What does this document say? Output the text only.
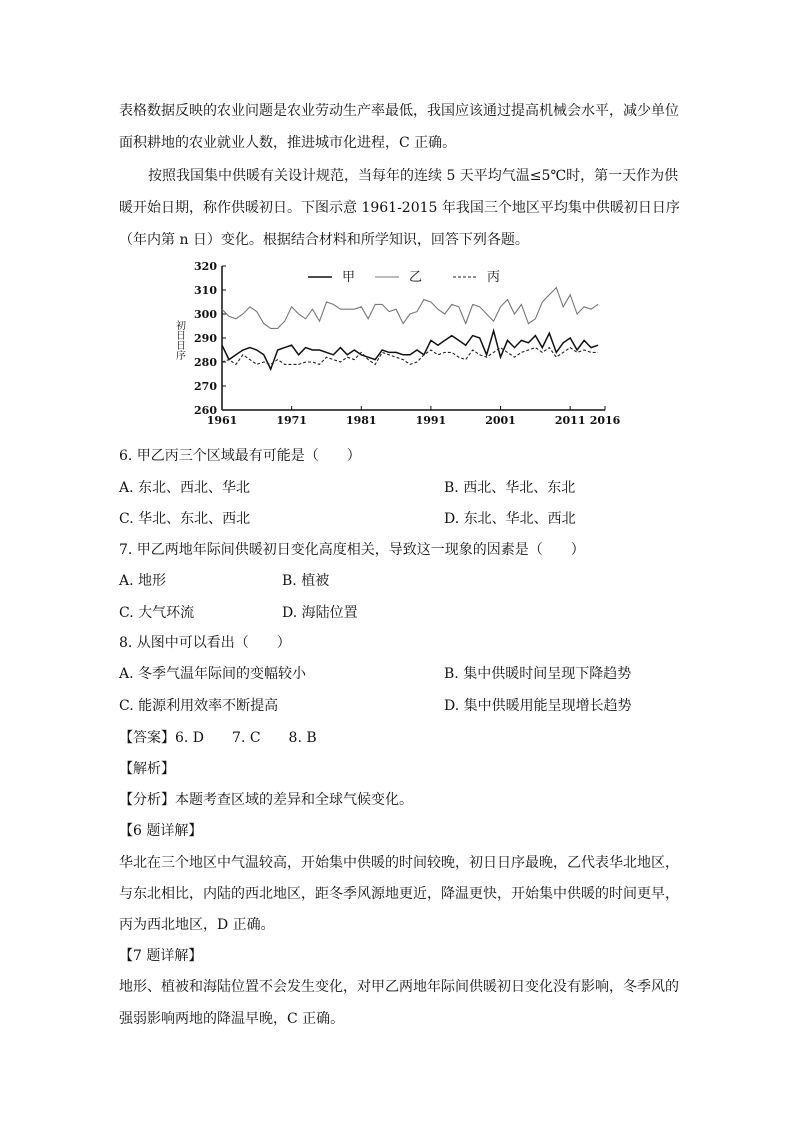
表格数据反映的农业问题是农业劳动生产率最低，我国应该通过提高机械会水平，减少单位
面积耕地的农业就业人数，推进城市化进程，C 正确。
按照我国集中供暖有关设计规范，当每年的连续 5 天平均气温≤5℃时，第一天作为供
暖开始日期，称作供暖初日。下图示意 1961-2015 年我国三个地区平均集中供暖初日日序
（年内第 n 日）变化。根据结合材料和所学知识，回答下列各题。
初日日序
260
270
280
290
300
310
320
1961	1971	1981	1991	2001	2011 2016
甲	乙	丙
6. 甲乙丙三个区域最有可能是（　　）
A. 东北、西北、华北	B. 西北、华北、东北
C. 华北、东北、西北	D. 东北、华北、西北
7. 甲乙两地年际间供暖初日变化高度相关，导致这一现象的因素是（　　）
A. 地形	B. 植被
C. 大气环流	D. 海陆位置
8. 从图中可以看出（　　）
A. 冬季气温年际间的变幅较小	B. 集中供暖时间呈现下降趋势
C. 能源利用效率不断提高	D. 集中供暖用能呈现增长趋势
【答案】6. D　　7. C　　8. B
【解析】
【分析】本题考查区域的差异和全球气候变化。
【6 题详解】
华北在三个地区中气温较高，开始集中供暖的时间较晚，初日日序最晚，乙代表华北地区，
与东北相比，内陆的西北地区，距冬季风源地更近，降温更快，开始集中供暖的时间更早，
丙为西北地区，D 正确。
【7 题详解】
地形、植被和海陆位置不会发生变化，对甲乙两地年际间供暖初日变化没有影响，冬季风的
强弱影响两地的降温早晚，C 正确。
